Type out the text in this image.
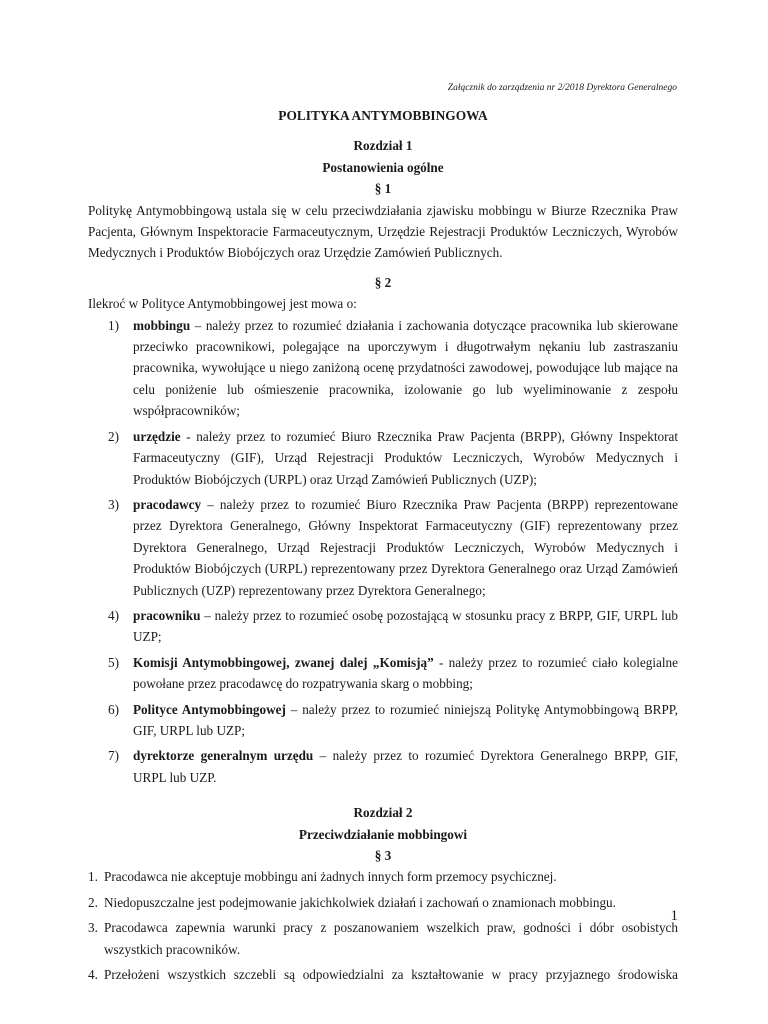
Załącznik do zarządzenia nr 2/2018 Dyrektora Generalnego
POLITYKA ANTYMOBBINGOWA
Rozdział 1
Postanowienia ogólne
§ 1

Politykę Antymobbingową ustala się w celu przeciwdziałania zjawisku mobbingu w Biurze Rzecznika Praw Pacjenta, Głównym Inspektoracie Farmaceutycznym, Urzędzie Rejestracji Produktów Leczniczych, Wyrobów Medycznych i Produktów Biobójczych oraz Urzędzie Zamówień Publicznych.

§ 2

Ilekroć w Polityce Antymobbingowej jest mowa o:

1) mobbingu – należy przez to rozumieć działania i zachowania dotyczące pracownika lub skierowane przeciwko pracownikowi, polegające na uporczywym i długotrwałym nękaniu lub zastraszaniu pracownika, wywołujące u niego zaniżoną ocenę przydatności zawodowej, powodujące lub mające na celu poniżenie lub ośmieszenie pracownika, izolowanie go lub wyeliminowanie z zespołu współpracowników;
2) urzędzie - należy przez to rozumieć Biuro Rzecznika Praw Pacjenta (BRPP), Główny Inspektorat Farmaceutyczny (GIF), Urząd Rejestracji Produktów Leczniczych, Wyrobów Medycznych i Produktów Biobójczych (URPL) oraz Urząd Zamówień Publicznych (UZP);
3) pracodawcy – należy przez to rozumieć Biuro Rzecznika Praw Pacjenta (BRPP) reprezentowane przez Dyrektora Generalnego, Główny Inspektorat Farmaceutyczny (GIF) reprezentowany przez Dyrektora Generalnego, Urząd Rejestracji Produktów Leczniczych, Wyrobów Medycznych i Produktów Biobójczych (URPL) reprezentowany przez Dyrektora Generalnego oraz Urząd Zamówień Publicznych (UZP) reprezentowany przez Dyrektora Generalnego;
4) pracowniku – należy przez to rozumieć osobę pozostającą w stosunku pracy z BRPP, GIF, URPL lub UZP;
5) Komisji Antymobbingowej, zwanej dalej „Komisją” - należy przez to rozumieć ciało kolegialne powołane przez pracodawcę do rozpatrywania skarg o mobbing;
6) Polityce Antymobbingowej – należy przez to rozumieć niniejszą Politykę Antymobbingową BRPP, GIF, URPL lub UZP;
7) dyrektorze generalnym urzędu – należy przez to rozumieć Dyrektora Generalnego BRPP, GIF, URPL lub UZP.
Rozdział 2
Przeciwdziałanie mobbingowi
§ 3
1. Pracodawca nie akceptuje mobbingu ani żadnych innych form przemocy psychicznej.
2. Niedopuszczalne jest podejmowanie jakichkolwiek działań i zachowań o znamionach mobbingu.
3. Pracodawca zapewnia warunki pracy z poszanowaniem wszelkich praw, godności i dóbr osobistych wszystkich pracowników.
4. Przełożeni wszystkich szczebli są odpowiedzialni za kształtowanie w pracy przyjaznego środowiska
1
